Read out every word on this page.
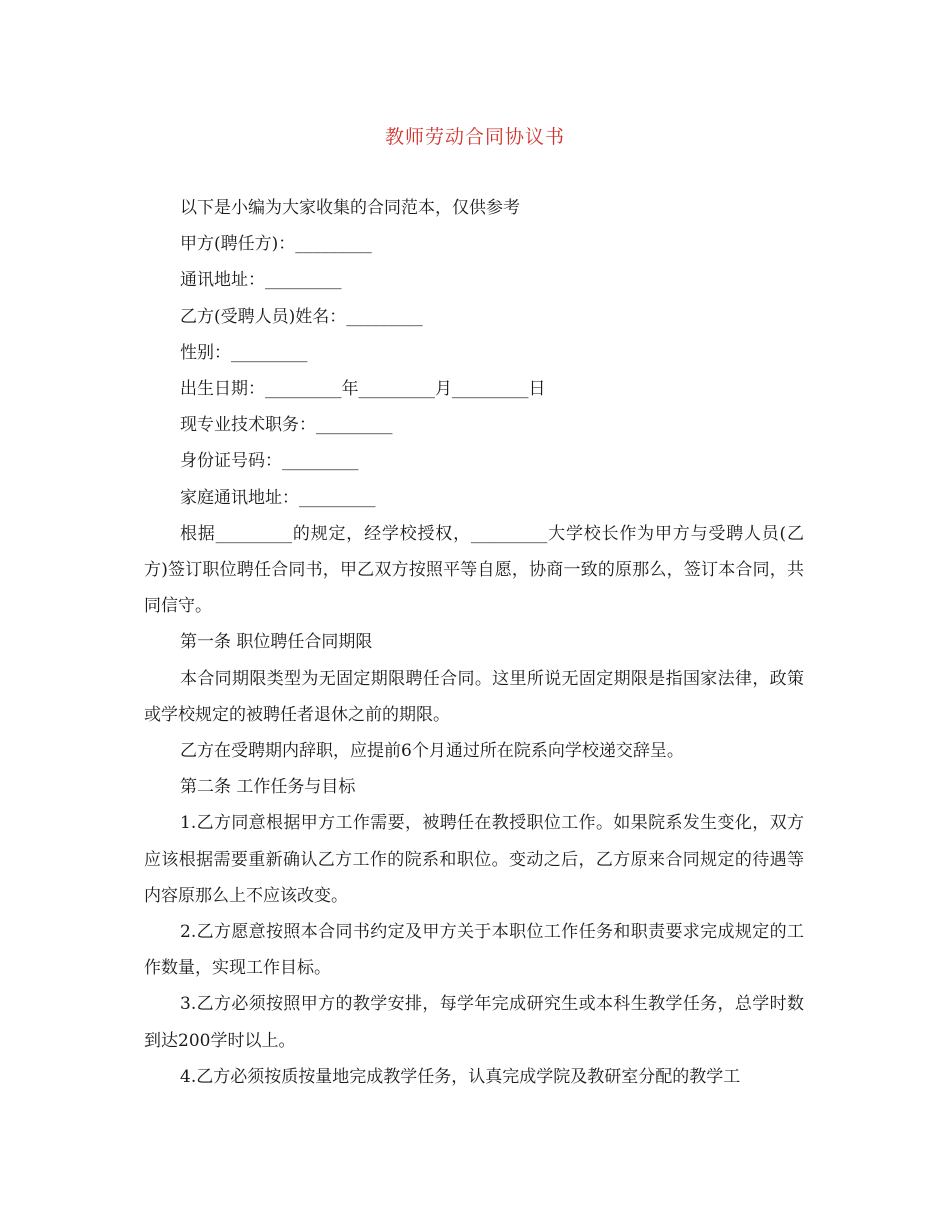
教师劳动合同协议书

以下是小编为大家收集的合同范本，仅供参考

甲方(聘任方)：_________

通讯地址：_________

乙方(受聘人员)姓名：_________

性别：_________

出生日期：_________年_________月_________日

现专业技术职务：_________

身份证号码：_________

家庭通讯地址：_________

根据_________的规定，经学校授权，_________大学校长作为甲方与受聘人员(乙方)签订职位聘任合同书，甲乙双方按照平等自愿，协商一致的原那么，签订本合同，共同信守。

第一条 职位聘任合同期限

本合同期限类型为无固定期限聘任合同。这里所说无固定期限是指国家法律，政策或学校规定的被聘任者退休之前的期限。

乙方在受聘期内辞职，应提前6个月通过所在院系向学校递交辞呈。

第二条 工作任务与目标

1.乙方同意根据甲方工作需要，被聘任在教授职位工作。如果院系发生变化，双方应该根据需要重新确认乙方工作的院系和职位。变动之后，乙方原来合同规定的待遇等内容原那么上不应该改变。

2.乙方愿意按照本合同书约定及甲方关于本职位工作任务和职责要求完成规定的工作数量，实现工作目标。

3.乙方必须按照甲方的教学安排，每学年完成研究生或本科生教学任务，总学时数到达200学时以上。

4.乙方必须按质按量地完成教学任务，认真完成学院及教研室分配的教学工
